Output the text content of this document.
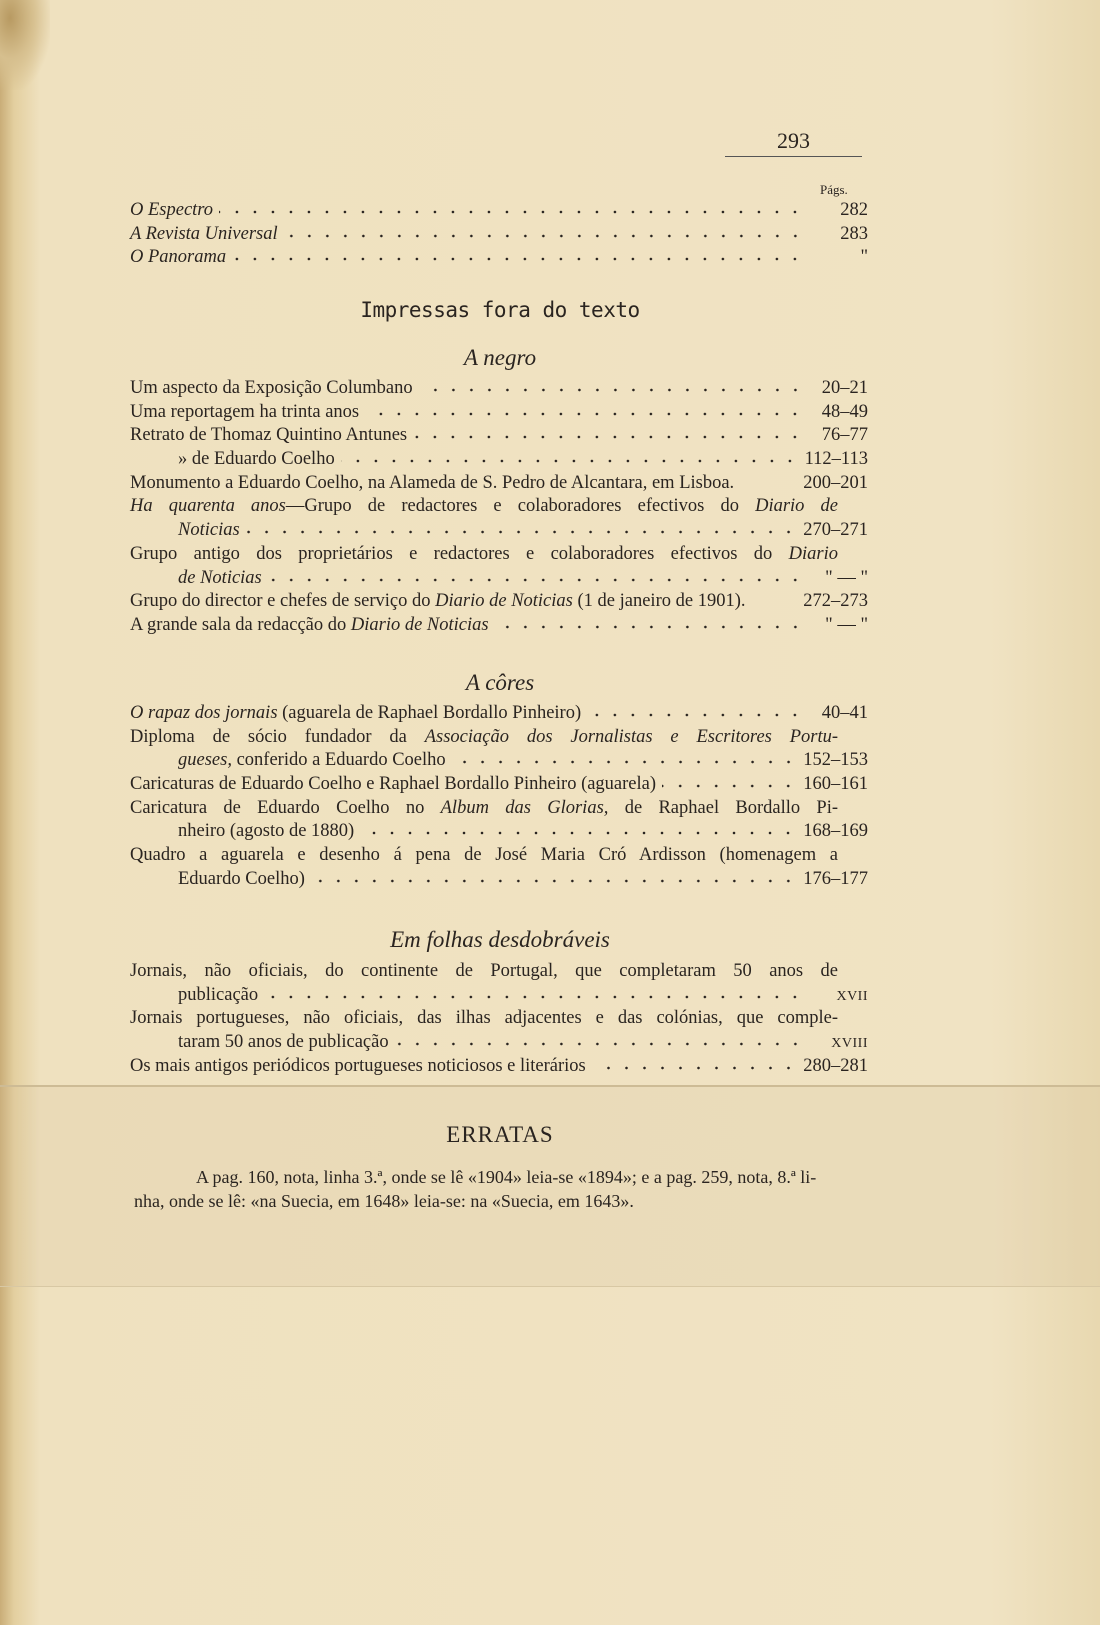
293
Págs.
O Espectro	282
A Revista Universal	283
O Panorama	"
Impressas fora do texto
A negro
Um aspecto da Exposição Columbano	20–21
Uma reportagem ha trinta anos	48–49
Retrato de Thomaz Quintino Antunes	76–77
» de Eduardo Coelho	112–113
Monumento a Eduardo Coelho, na Alameda de S. Pedro de Alcantara, em Lisboa.	200–201
Ha quarenta anos—Grupo de redactores e colaboradores efectivos do Diario de
Noticias	270–271
Grupo antigo dos proprietários e redactores e colaboradores efectivos do Diario
de Noticias	" — "
Grupo do director e chefes de serviço do Diario de Noticias (1 de janeiro de 1901).	272–273
A grande sala da redacção do Diario de Noticias	" — "
A côres
O rapaz dos jornais (aguarela de Raphael Bordallo Pinheiro)	40–41
Diploma de sócio fundador da Associação dos Jornalistas e Escritores Portu-
gueses, conferido a Eduardo Coelho	152–153
Caricaturas de Eduardo Coelho e Raphael Bordallo Pinheiro (aguarela)	160–161
Caricatura de Eduardo Coelho no Album das Glorias, de Raphael Bordallo Pi-
nheiro (agosto de 1880)	168–169
Quadro a aguarela e desenho á pena de José Maria Cró Ardisson (homenagem a
Eduardo Coelho)	176–177
Em folhas desdobráveis
Jornais, não oficiais, do continente de Portugal, que completaram 50 anos de
publicação	XVII
Jornais portugueses, não oficiais, das ilhas adjacentes e das colónias, que comple-
taram 50 anos de publicação	XVIII
Os mais antigos periódicos portugueses noticiosos e literários	280–281
ERRATAS
A pag. 160, nota, linha 3.ª, onde se lê «1904» leia-se «1894»; e a pag. 259, nota, 8.ª li-
nha, onde se lê: «na Suecia, em 1648» leia-se: na «Suecia, em 1643».
